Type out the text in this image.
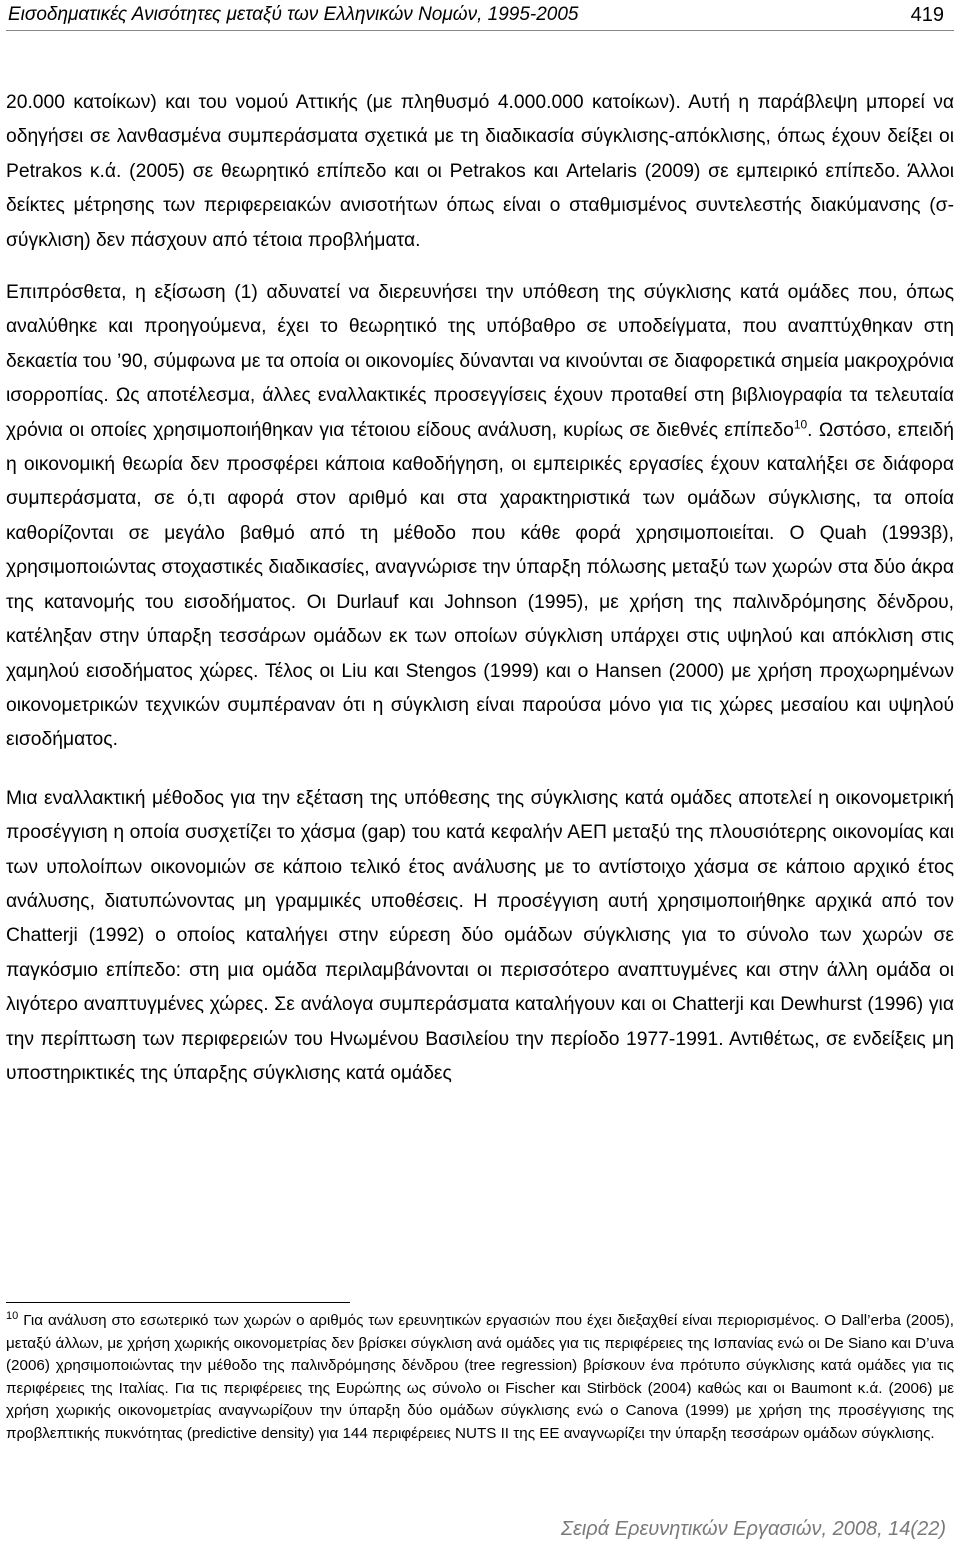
Εισοδηματικές Ανισότητες μεταξύ των Ελληνικών Νομών, 1995-2005	419

20.000 κατοίκων) και του νομού Αττικής (με πληθυσμό 4.000.000 κατοίκων). Αυτή η παράβλεψη μπορεί να οδηγήσει σε λανθασμένα συμπεράσματα σχετικά με τη διαδικασία σύγκλισης-απόκλισης, όπως έχουν δείξει οι Petrakos κ.ά. (2005) σε θεωρητικό επίπεδο και οι Petrakos και Artelaris (2009) σε εμπειρικό επίπεδο. Άλλοι δείκτες μέτρησης των περιφερειακών ανισοτήτων όπως είναι ο σταθμισμένος συντελεστής διακύμανσης (σ-σύγκλιση) δεν πάσχουν από τέτοια προβλήματα.

Επιπρόσθετα, η εξίσωση (1) αδυνατεί να διερευνήσει την υπόθεση της σύγκλισης κατά ομάδες που, όπως αναλύθηκε και προηγούμενα, έχει το θεωρητικό της υπόβαθρο σε υποδείγματα, που αναπτύχθηκαν στη δεκαετία του ’90, σύμφωνα με τα οποία οι οικονομίες δύνανται να κινούνται σε διαφορετικά σημεία μακροχρόνια ισορροπίας. Ως αποτέλεσμα, άλλες εναλλακτικές προσεγγίσεις έχουν προταθεί στη βιβλιογραφία τα τελευταία χρόνια οι οποίες χρησιμοποιήθηκαν για τέτοιου είδους ανάλυση, κυρίως σε διεθνές επίπεδο$^{10}$. Ωστόσο, επειδή η οικονομική θεωρία δεν προσφέρει κάποια καθοδήγηση, οι εμπειρικές εργασίες έχουν καταλήξει σε διάφορα συμπεράσματα, σε ό,τι αφορά στον αριθμό και στα χαρακτηριστικά των ομάδων σύγκλισης, τα οποία καθορίζονται σε μεγάλο βαθμό από τη μέθοδο που κάθε φορά χρησιμοποιείται. Ο Quah (1993β), χρησιμοποιώντας στοχαστικές διαδικασίες, αναγνώρισε την ύπαρξη πόλωσης μεταξύ των χωρών στα δύο άκρα της κατανομής του εισοδήματος. Οι Durlauf και Johnson (1995), με χρήση της παλινδρόμησης δένδρου, κατέληξαν στην ύπαρξη τεσσάρων ομάδων εκ των οποίων σύγκλιση υπάρχει στις υψηλού και απόκλιση στις χαμηλού εισοδήματος χώρες. Τέλος οι Liu και Stengos (1999) και ο Hansen (2000) με χρήση προχωρημένων οικονομετρικών τεχνικών συμπέραναν ότι η σύγκλιση είναι παρούσα μόνο για τις χώρες μεσαίου και υψηλού εισοδήματος.

Μια εναλλακτική μέθοδος για την εξέταση της υπόθεσης της σύγκλισης κατά ομάδες αποτελεί η οικονομετρική προσέγγιση η οποία συσχετίζει το χάσμα (gap) του κατά κεφαλήν ΑΕΠ μεταξύ της πλουσιότερης οικονομίας και των υπολοίπων οικονομιών σε κάποιο τελικό έτος ανάλυσης με το αντίστοιχο χάσμα σε κάποιο αρχικό έτος ανάλυσης, διατυπώνοντας μη γραμμικές υποθέσεις. Η προσέγγιση αυτή χρησιμοποιήθηκε αρχικά από τον Chatterji (1992) ο οποίος καταλήγει στην εύρεση δύο ομάδων σύγκλισης για το σύνολο των χωρών σε παγκόσμιο επίπεδο: στη μια ομάδα περιλαμβάνονται οι περισσότερο αναπτυγμένες και στην άλλη ομάδα οι λιγότερο αναπτυγμένες χώρες. Σε ανάλογα συμπεράσματα καταλήγουν και οι Chatterji και Dewhurst (1996) για την περίπτωση των περιφερειών του Ηνωμένου Βασιλείου την περίοδο 1977-1991. Αντιθέτως, σε ενδείξεις μη υποστηρικτικές της ύπαρξης σύγκλισης κατά ομάδες

$^{10}$ Για ανάλυση στο εσωτερικό των χωρών ο αριθμός των ερευνητικών εργασιών που έχει διεξαχθεί είναι περιορισμένος. Ο Dall’erba (2005), μεταξύ άλλων, με χρήση χωρικής οικονομετρίας δεν βρίσκει σύγκλιση ανά ομάδες για τις περιφέρειες της Ισπανίας ενώ οι De Siano και D’uva (2006) χρησιμοποιώντας την μέθοδο της παλινδρόμησης δένδρου (tree regression) βρίσκουν ένα πρότυπο σύγκλισης κατά ομάδες για τις περιφέρειες της Ιταλίας. Για τις περιφέρειες της Ευρώπης ως σύνολο οι Fischer και Stirböck (2004) καθώς και οι Baumont κ.ά. (2006) με χρήση χωρικής οικονομετρίας αναγνωρίζουν την ύπαρξη δύο ομάδων σύγκλισης ενώ ο Canova (1999) με χρήση της προσέγγισης της προβλεπτικής πυκνότητας (predictive density) για 144 περιφέρειες NUTS II της ΕΕ αναγνωρίζει την ύπαρξη τεσσάρων ομάδων σύγκλισης.

Σειρά Ερευνητικών Εργασιών, 2008, 14(22)
